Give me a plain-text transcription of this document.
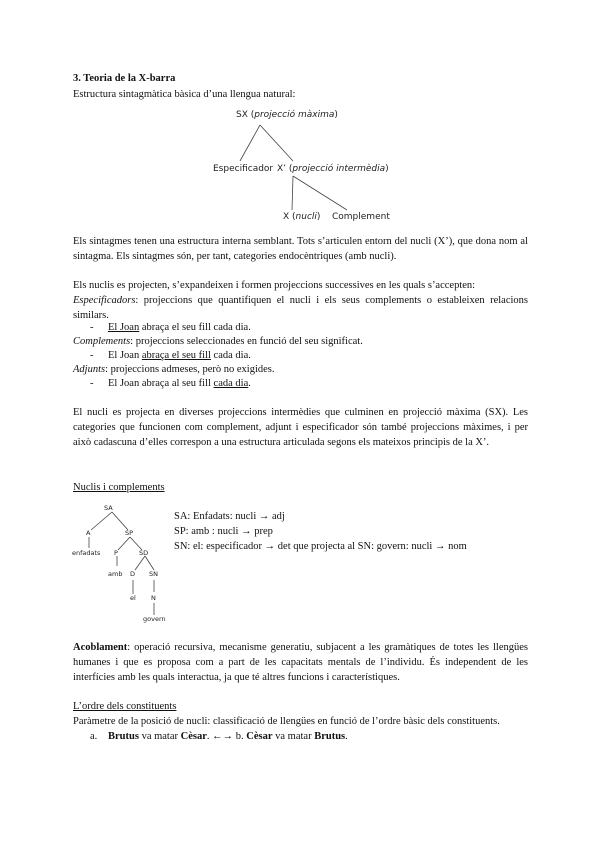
3. Teoria de la X-barra
Estructura sintagmàtica bàsica d’una llengua natural:
SX (projecció màxima)
Especificador X’ (projecció intermèdia)
X (nucli) Complement
Els sintagmes tenen una estructura interna semblant. Tots s’articulen entorn del nucli (X’), que dona nom al sintagma. Els sintagmes són, per tant, categories endocèntriques (amb nucli).
Els nuclis es projecten, s’expandeixen i formen projeccions successives en les quals s’accepten:
Especificadors: projeccions que quantifiquen el nucli i els seus complements o estableixen relacions similars.
- El Joan abraça el seu fill cada dia.
Complements: projeccions seleccionades en funció del seu significat.
- El Joan abraça el seu fill cada dia.
Adjunts: projeccions admeses, però no exigides.
- El Joan abraça al seu fill cada dia.
El nucli es projecta en diverses projeccions intermèdies que culminen en projecció màxima (SX). Les categories que funcionen com complement, adjunt i especificador són també projeccions màximes, i per això cadascuna d’elles correspon a una estructura articulada segons els mateixos principis de la X’.
Nuclis i complements
SA
A	SP
enfadats P	SD
amb D SN
el N
govern
SA: Enfadats: nucli → adj
SP: amb : nucli → prep
SN: el: especificador → det que projecta al SN: govern: nucli → nom
Acoblament: operació recursiva, mecanisme generatiu, subjacent a les gramàtiques de totes les llengües humanes i que es proposa com a part de les capacitats mentals de l’individu. És independent de les interfícies amb les quals interactua, ja que té altres funcions i característiques.
L’ordre dels constituents
Paràmetre de la posició de nucli: classificació de llengües en funció de l’ordre bàsic dels constituents.
a. Brutus va matar Cèsar. ←→ b. Cèsar va matar Brutus.
